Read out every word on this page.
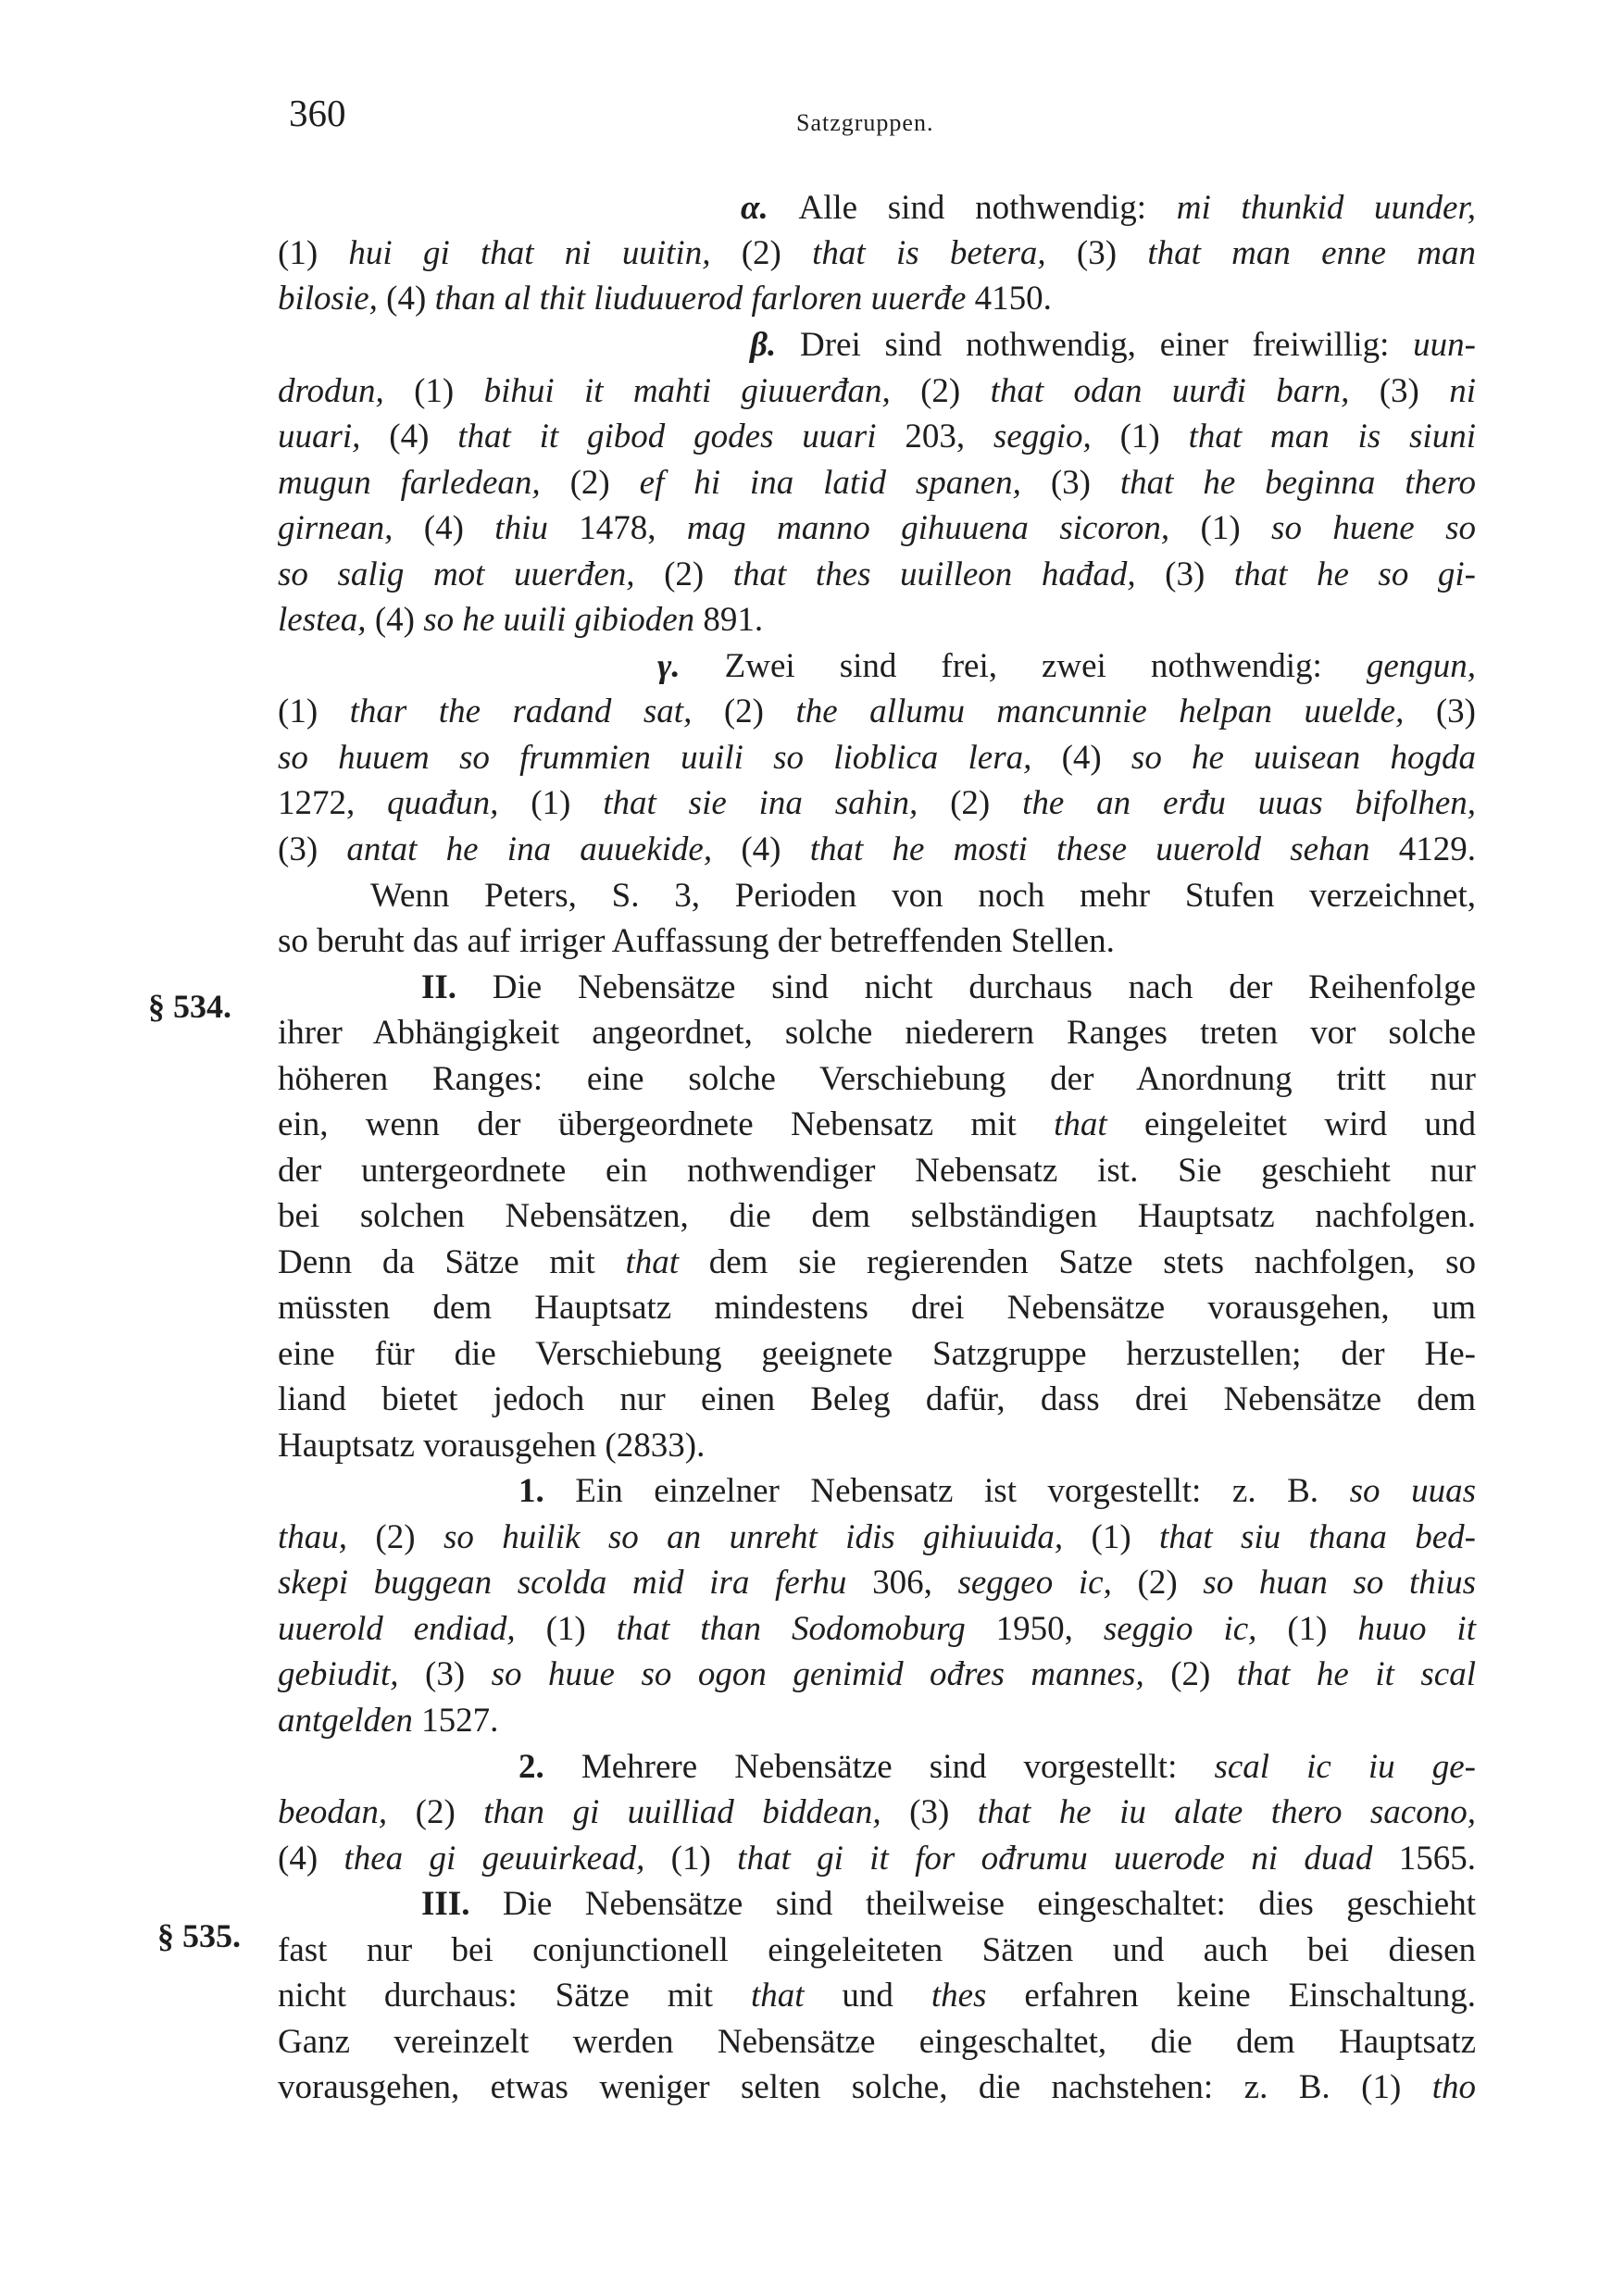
360	Satzgruppen.
§ 534.
§ 535.
α. Alle sind nothwendig: mi thunkid uunder,
(1) hui gi that ni uuitin, (2) that is betera, (3) that man enne man
bilosie, (4) than al thit liuduuerod farloren uuerđe 4150.
β. Drei sind nothwendig, einer freiwillig: uun-
drodun, (1) bihui it mahti giuuerđan, (2) that odan uurđi barn, (3) ni
uuari, (4) that it gibod godes uuari 203, seggio, (1) that man is siuni
mugun farledean, (2) ef hi ina latid spanen, (3) that he beginna thero
girnean, (4) thiu 1478, mag manno gihuuena sicoron, (1) so huene so
so salig mot uuerđen, (2) that thes uuilleon hađad, (3) that he so gi-
lestea, (4) so he uuili gibioden 891.
γ. Zwei sind frei, zwei nothwendig: gengun,
(1) thar the radand sat, (2) the allumu mancunnie helpan uuelde, (3)
so huuem so frummien uuili so lioblica lera, (4) so he uuisean hogda
1272, quađun, (1) that sie ina sahin, (2) the an erđu uuas bifolhen,
(3) antat he ina auuekide, (4) that he mosti these uuerold sehan 4129.
Wenn Peters, S. 3, Perioden von noch mehr Stufen verzeichnet,
so beruht das auf irriger Auffassung der betreffenden Stellen.
II. Die Nebensätze sind nicht durchaus nach der Reihenfolge
ihrer Abhängigkeit angeordnet, solche niederern Ranges treten vor solche
höheren Ranges: eine solche Verschiebung der Anordnung tritt nur
ein, wenn der übergeordnete Nebensatz mit that eingeleitet wird und
der untergeordnete ein nothwendiger Nebensatz ist. Sie geschieht nur
bei solchen Nebensätzen, die dem selbständigen Hauptsatz nachfolgen.
Denn da Sätze mit that dem sie regierenden Satze stets nachfolgen, so
müssten dem Hauptsatz mindestens drei Nebensätze vorausgehen, um
eine für die Verschiebung geeignete Satzgruppe herzustellen; der He-
liand bietet jedoch nur einen Beleg dafür, dass drei Nebensätze dem
Hauptsatz vorausgehen (2833).
1. Ein einzelner Nebensatz ist vorgestellt: z. B. so uuas
thau, (2) so huilik so an unreht idis gihiuuida, (1) that siu thana bed-
skepi buggean scolda mid ira ferhu 306, seggeo ic, (2) so huan so thius
uuerold endiad, (1) that than Sodomoburg 1950, seggio ic, (1) huuo it
gebiudit, (3) so huue so ogon genimid ođres mannes, (2) that he it scal
antgelden 1527.
2. Mehrere Nebensätze sind vorgestellt: scal ic iu ge-
beodan, (2) than gi uuilliad biddean, (3) that he iu alate thero sacono,
(4) thea gi geuuirkead, (1) that gi it for ođrumu uuerode ni duad 1565.
III. Die Nebensätze sind theilweise eingeschaltet: dies geschieht
fast nur bei conjunctionell eingeleiteten Sätzen und auch bei diesen
nicht durchaus: Sätze mit that und thes erfahren keine Einschaltung.
Ganz vereinzelt werden Nebensätze eingeschaltet, die dem Hauptsatz
vorausgehen, etwas weniger selten solche, die nachstehen: z. B. (1) tho
